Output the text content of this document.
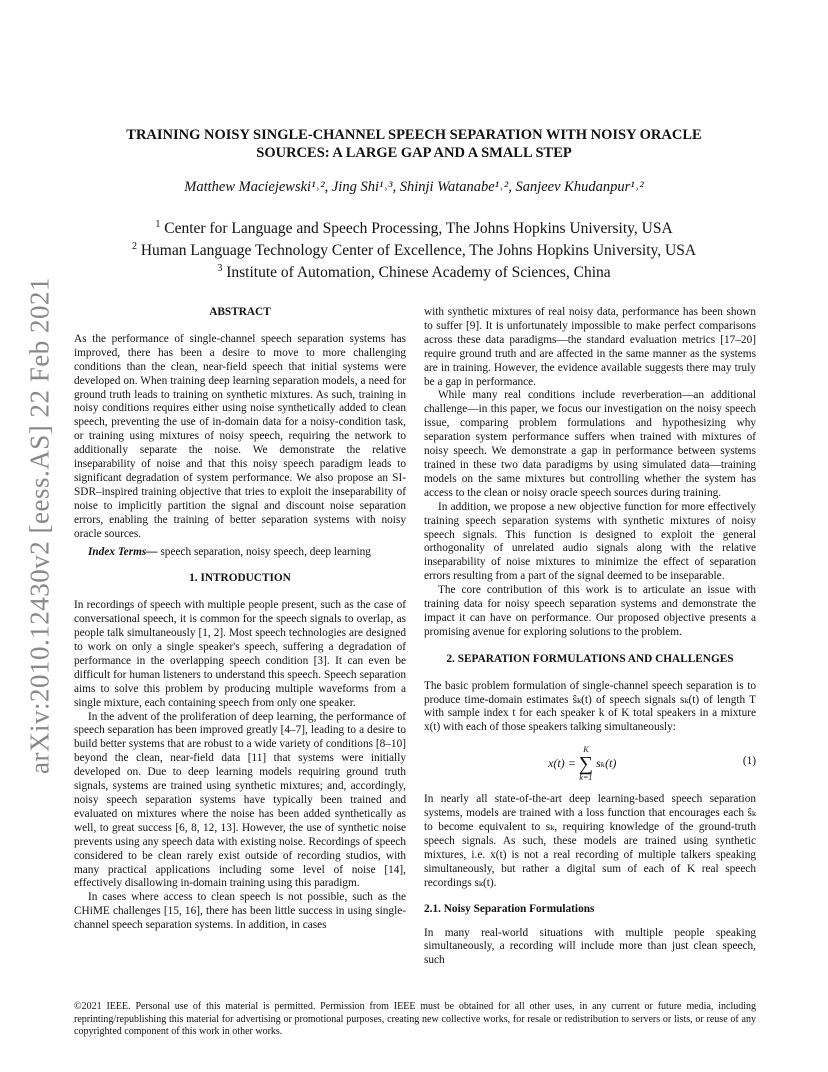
arXiv:2010.12430v2 [eess.AS] 22 Feb 2021
TRAINING NOISY SINGLE-CHANNEL SPEECH SEPARATION WITH NOISY ORACLE
SOURCES: A LARGE GAP AND A SMALL STEP
Matthew Maciejewski¹˒², Jing Shi¹˒³, Shinji Watanabe¹˒², Sanjeev Khudanpur¹˒²
$^1$ Center for Language and Speech Processing, The Johns Hopkins University, USA
$^2$ Human Language Technology Center of Excellence, The Johns Hopkins University, USA
$^3$ Institute of Automation, Chinese Academy of Sciences, China
ABSTRACT

As the performance of single-channel speech separation systems has improved, there has been a desire to move to more challenging conditions than the clean, near-field speech that initial systems were developed on. When training deep learning separation models, a need for ground truth leads to training on synthetic mixtures. As such, training in noisy conditions requires either using noise synthetically added to clean speech, preventing the use of in-domain data for a noisy-condition task, or training using mixtures of noisy speech, requiring the network to additionally separate the noise. We demonstrate the relative inseparability of noise and that this noisy speech paradigm leads to significant degradation of system performance. We also propose an SI-SDR–inspired training objective that tries to exploit the inseparability of noise to implicitly partition the signal and discount noise separation errors, enabling the training of better separation systems with noisy oracle sources.

Index Terms— speech separation, noisy speech, deep learning

1. INTRODUCTION

In recordings of speech with multiple people present, such as the case of conversational speech, it is common for the speech signals to overlap, as people talk simultaneously [1, 2]. Most speech technologies are designed to work on only a single speaker's speech, suffering a degradation of performance in the overlapping speech condition [3]. It can even be difficult for human listeners to understand this speech. Speech separation aims to solve this problem by producing multiple waveforms from a single mixture, each containing speech from only one speaker.

In the advent of the proliferation of deep learning, the performance of speech separation has been improved greatly [4–7], leading to a desire to build better systems that are robust to a wide variety of conditions [8–10] beyond the clean, near-field data [11] that systems were initially developed on. Due to deep learning models requiring ground truth signals, systems are trained using synthetic mixtures; and, accordingly, noisy speech separation systems have typically been trained and evaluated on mixtures where the noise has been added synthetically as well, to great success [6, 8, 12, 13]. However, the use of synthetic noise prevents using any speech data with existing noise. Recordings of speech considered to be clean rarely exist outside of recording studios, with many practical applications including some level of noise [14], effectively disallowing in-domain training using this paradigm.

In cases where access to clean speech is not possible, such as the CHiME challenges [15, 16], there has been little success in using single-channel speech separation systems. In addition, in cases

with synthetic mixtures of real noisy data, performance has been shown to suffer [9]. It is unfortunately impossible to make perfect comparisons across these data paradigms—the standard evaluation metrics [17–20] require ground truth and are affected in the same manner as the systems are in training. However, the evidence available suggests there may truly be a gap in performance.

While many real conditions include reverberation—an additional challenge—in this paper, we focus our investigation on the noisy speech issue, comparing problem formulations and hypothesizing why separation system performance suffers when trained with mixtures of noisy speech. We demonstrate a gap in performance between systems trained in these two data paradigms by using simulated data—training models on the same mixtures but controlling whether the system has access to the clean or noisy oracle speech sources during training.

In addition, we propose a new objective function for more effectively training speech separation systems with synthetic mixtures of noisy speech signals. This function is designed to exploit the general orthogonality of unrelated audio signals along with the relative inseparability of noise mixtures to minimize the effect of separation errors resulting from a part of the signal deemed to be inseparable.

The core contribution of this work is to articulate an issue with training data for noisy speech separation systems and demonstrate the impact it can have on performance. Our proposed objective presents a promising avenue for exploring solutions to the problem.

2. SEPARATION FORMULATIONS AND CHALLENGES

The basic problem formulation of single-channel speech separation is to produce time-domain estimates ŝₖ(t) of speech signals sₖ(t) of length T with sample index t for each speaker k of K total speakers in a mixture x(t) with each of those speakers talking simultaneously:

x(t) =
K
∑
k=1
sₖ(t)	(1)

In nearly all state-of-the-art deep learning-based speech separation systems, models are trained with a loss function that encourages each ŝₖ to become equivalent to sₖ, requiring knowledge of the ground-truth speech signals. As such, these models are trained using synthetic mixtures, i.e. x(t) is not a real recording of multiple talkers speaking simultaneously, but rather a digital sum of each of K real speech recordings sₖ(t).

2.1. Noisy Separation Formulations

In many real-world situations with multiple people speaking simultaneously, a recording will include more than just clean speech, such

©2021 IEEE. Personal use of this material is permitted. Permission from IEEE must be obtained for all other uses, in any current or future media, including reprinting/republishing this material for advertising or promotional purposes, creating new collective works, for resale or redistribution to servers or lists, or reuse of any copyrighted component of this work in other works.
